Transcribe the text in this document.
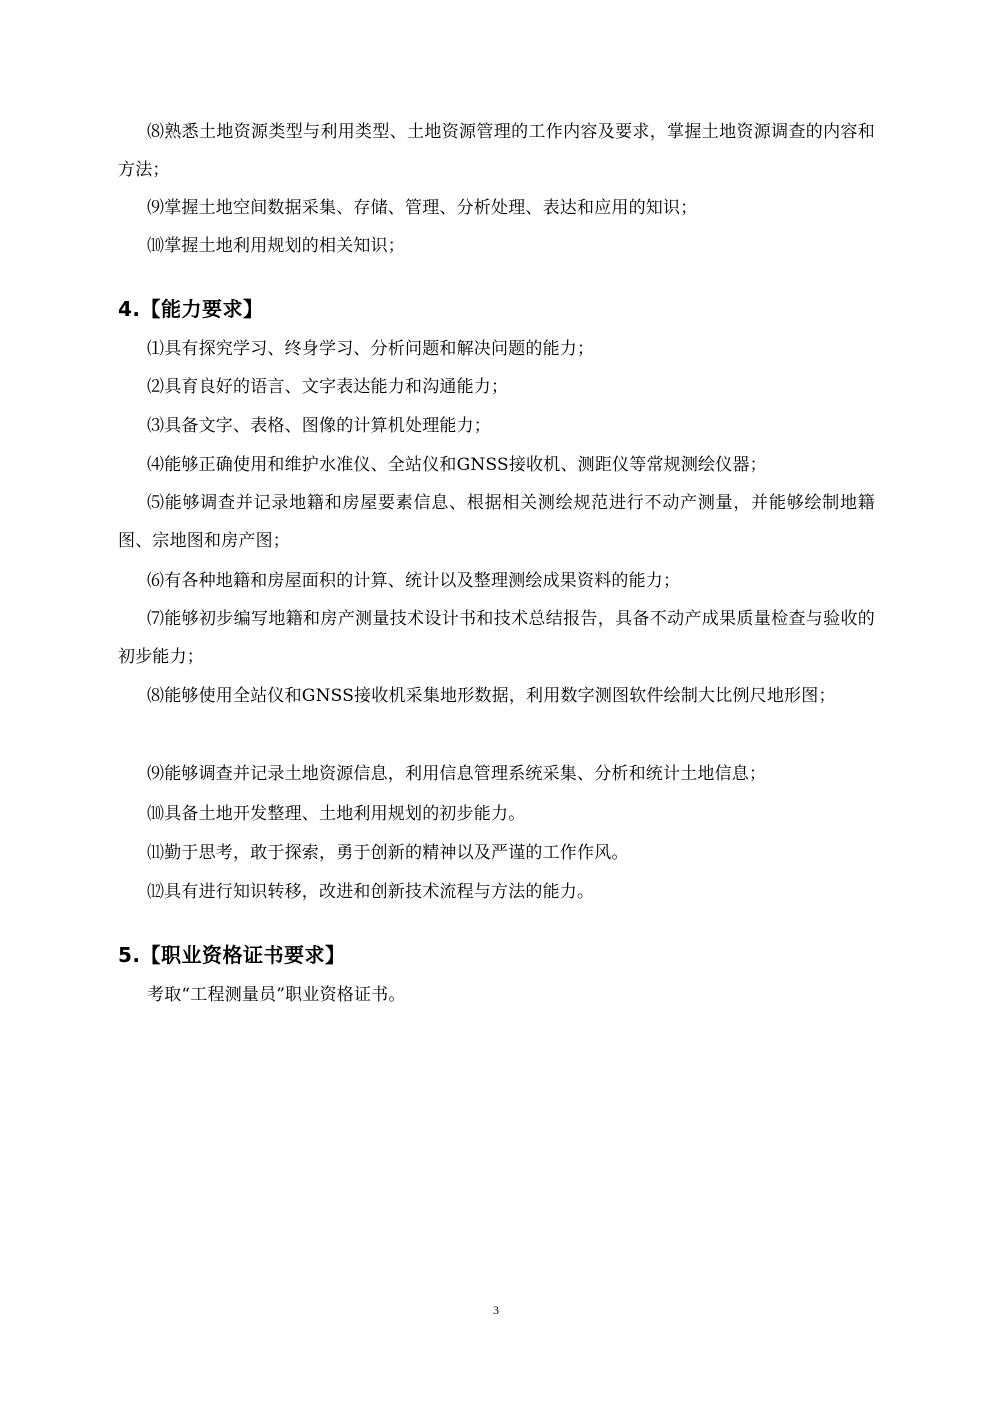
⑻熟悉土地资源类型与利用类型、土地资源管理的工作内容及要求，掌握土地资源调查的内容和方法；
⑼掌握土地空间数据采集、存储、管理、分析处理、表达和应用的知识；
⑽掌握土地利用规划的相关知识；
4.【能力要求】
⑴具有探究学习、终身学习、分析问题和解决问题的能力；
⑵具育良好的语言、文字表达能力和沟通能力；
⑶具备文字、表格、图像的计算机处理能力；
⑷能够正确使用和维护水准仪、全站仪和GNSS接收机、测距仪等常规测绘仪器；
⑸能够调查并记录地籍和房屋要素信息、根据相关测绘规范进行不动产测量，并能够绘制地籍图、宗地图和房产图；
⑹有各种地籍和房屋面积的计算、统计以及整理测绘成果资料的能力；
⑺能够初步编写地籍和房产测量技术设计书和技术总结报告，具备不动产成果质量检查与验收的初步能力；
⑻能够使用全站仪和GNSS接收机采集地形数据，利用数字测图软件绘制大比例尺地形图；
⑼能够调查并记录土地资源信息，利用信息管理系统采集、分析和统计土地信息；
⑽具备土地开发整理、土地利用规划的初步能力。
⑾勤于思考，敢于探索，勇于创新的精神以及严谨的工作作风。
⑿具有进行知识转移，改进和创新技术流程与方法的能力。
5.【职业资格证书要求】
考取“工程测量员”职业资格证书。
3
